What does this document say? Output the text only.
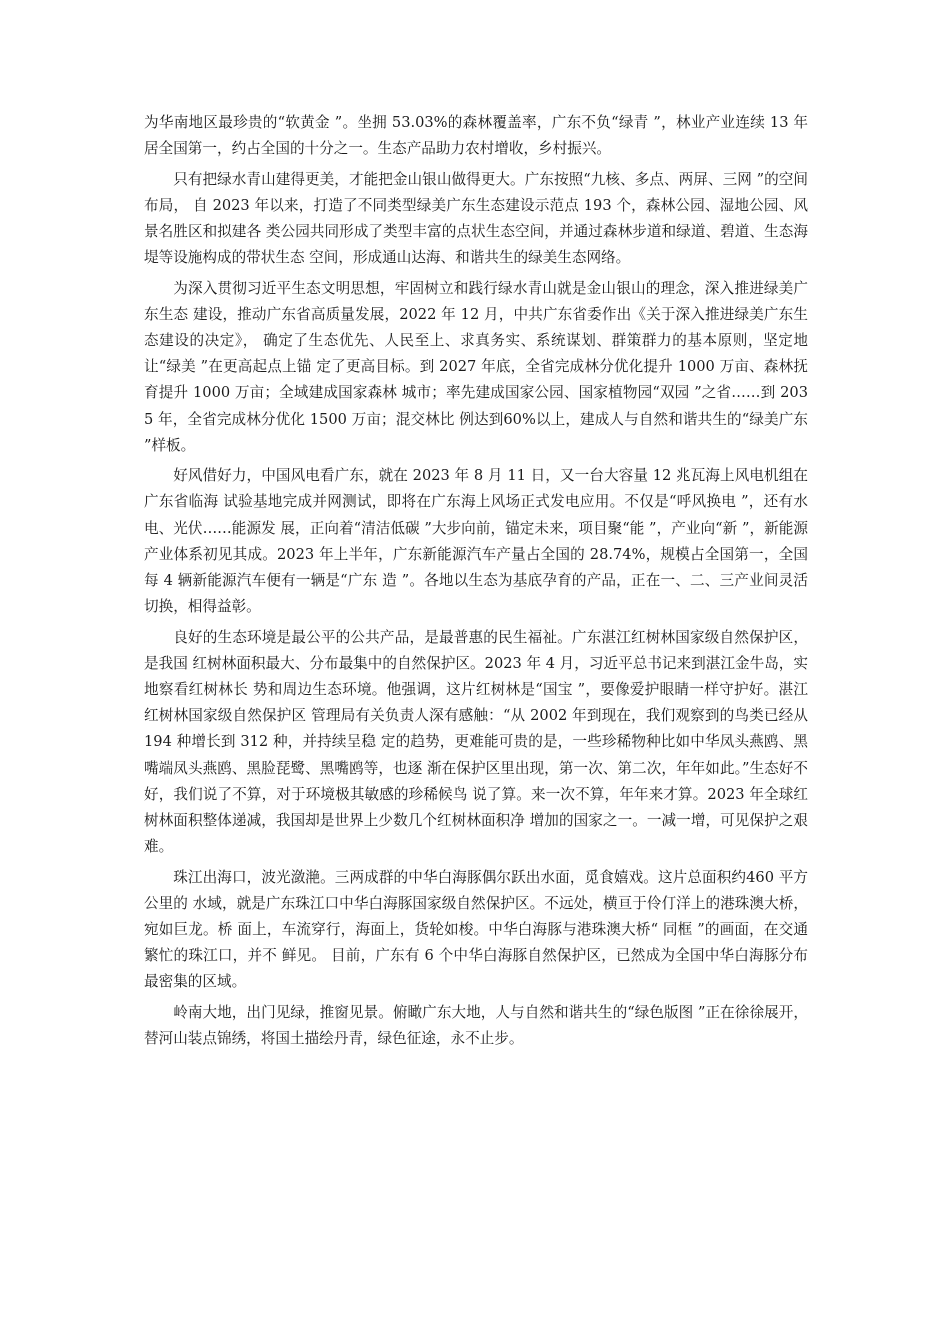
为华南地区最珍贵的“软黄金 ”。坐拥 53.03%的森林覆盖率，广东不负“绿青 ”，林业产业连续 13 年居全国第一，约占全国的十分之一。生态产品助力农村增收，乡村振兴。

只有把绿水青山建得更美，才能把金山银山做得更大。广东按照“九核、多点、两屏、三网 ”的空间布局， 自 2023 年以来，打造了不同类型绿美广东生态建设示范点 193 个，森林公园、湿地公园、风景名胜区和拟建各 类公园共同形成了类型丰富的点状生态空间，并通过森林步道和绿道、碧道、生态海堤等设施构成的带状生态 空间，形成通山达海、和谐共生的绿美生态网络。

为深入贯彻习近平生态文明思想，牢固树立和践行绿水青山就是金山银山的理念，深入推进绿美广东生态 建设，推动广东省高质量发展，2022 年 12 月，中共广东省委作出《关于深入推进绿美广东生态建设的决定》， 确定了生态优先、人民至上、求真务实、系统谋划、群策群力的基本原则，坚定地让“绿美 ”在更高起点上锚 定了更高目标。到 2027 年底，全省完成林分优化提升 1000 万亩、森林抚育提升 1000 万亩；全域建成国家森林 城市；率先建成国家公园、国家植物园“双园 ”之省……到 2035 年，全省完成林分优化 1500 万亩；混交林比 例达到60%以上，建成人与自然和谐共生的“绿美广东 ”样板。

好风借好力，中国风电看广东，就在 2023 年 8 月 11 日，又一台大容量 12 兆瓦海上风电机组在广东省临海 试验基地完成并网测试，即将在广东海上风场正式发电应用。不仅是“呼风换电 ”，还有水电、光伏……能源发 展，正向着“清洁低碳 ”大步向前，锚定未来，项目聚“能 ”，产业向“新 ”，新能源产业体系初见其成。2023 年上半年，广东新能源汽车产量占全国的 28.74%，规模占全国第一，全国每 4 辆新能源汽车便有一辆是“广东 造 ”。各地以生态为基底孕育的产品，正在一、二、三产业间灵活切换，相得益彰。

良好的生态环境是最公平的公共产品，是最普惠的民生福祉。广东湛江红树林国家级自然保护区，是我国 红树林面积最大、分布最集中的自然保护区。2023 年 4 月，习近平总书记来到湛江金牛岛，实地察看红树林长 势和周边生态环境。他强调，这片红树林是“国宝 ”，要像爱护眼睛一样守护好。湛江红树林国家级自然保护区 管理局有关负责人深有感触：“从 2002 年到现在，我们观察到的鸟类已经从 194 种增长到 312 种，并持续呈稳 定的趋势，更难能可贵的是，一些珍稀物种比如中华凤头燕鸥、黑嘴端凤头燕鸥、黑脸琵鹭、黑嘴鸥等，也逐 渐在保护区里出现，第一次、第二次，年年如此。”生态好不好，我们说了不算，对于环境极其敏感的珍稀候鸟 说了算。来一次不算，年年来才算。2023 年全球红树林面积整体递减，我国却是世界上少数几个红树林面积净 增加的国家之一。一减一增，可见保护之艰难。

珠江出海口，波光潋滟。三两成群的中华白海豚偶尔跃出水面，觅食嬉戏。这片总面积约460 平方公里的 水域，就是广东珠江口中华白海豚国家级自然保护区。不远处，横亘于伶仃洋上的港珠澳大桥，宛如巨龙。桥 面上，车流穿行，海面上，货轮如梭。中华白海豚与港珠澳大桥“ 同框 ”的画面，在交通繁忙的珠江口，并不 鲜见。 目前，广东有 6 个中华白海豚自然保护区，已然成为全国中华白海豚分布最密集的区域。

岭南大地，出门见绿，推窗见景。俯瞰广东大地，人与自然和谐共生的“绿色版图 ”正在徐徐展开，替河山装点锦绣，将国土描绘丹青，绿色征途，永不止步。
